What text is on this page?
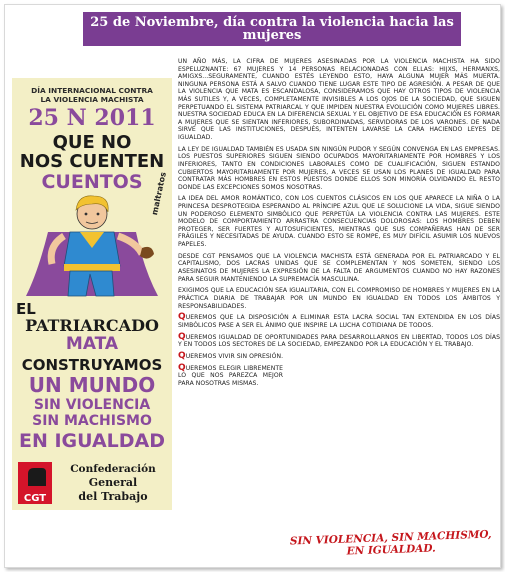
25 de Noviembre, día contra la violencia hacia las mujeres
DÍA INTERNACIONAL CONTRA
LA VIOLENCIA MACHISTA
25 N 2011
QUE NO
NOS CUENTEN
CUENTOS maltratos
EL
PATRIARCADO
MATA
CONSTRUYAMOS
UN MUNDO
SIN VIOLENCIA
SIN MACHISMO
EN IGUALDAD
CGT
Confederación
General
del Trabajo

UN AÑO MÁS, LA CIFRA DE MUJERES ASESINADAS POR LA VIOLENCIA MACHISTA HA SIDO ESPELUZNANTE: 67 MUJERES Y 14 PERSONAS RELACIONADAS CON ELLAS: HIJXS, HERMANXS, AMIGXS...SEGURAMENTE, CUANDO ESTÉS LEYENDO ESTO, HAYA ALGUNA MUJER MÁS MUERTA. NINGUNA PERSONA ESTÁ A SALVO CUANDO TIENE LUGAR ESTE TIPO DE AGRESIÓN. A PESAR DE QUE LA VIOLENCIA QUE MATA ES ESCANDALOSA, CONSIDERAMOS QUE HAY OTROS TIPOS DE VIOLENCIA MÁS SUTILES Y, A VECES, COMPLETAMENTE INVISIBLES A LOS OJOS DE LA SOCIEDAD, QUE SIGUEN PERPETUANDO EL SISTEMA PATRIARCAL Y QUE IMPIDEN NUESTRA EVOLUCIÓN COMO MUJERES LIBRES. NUESTRA SOCIEDAD EDUCA EN LA DIFERENCIA SEXUAL Y EL OBJETIVO DE ESA EDUCACIÓN ES FORMAR A MUJERES QUE SE SIENTAN INFERIORES, SUBORDINADAS, SERVIDORAS DE LOS VARONES. DE NADA SIRVE QUE LAS INSTITUCIONES, DESPUÉS, INTENTEN LAVARSE LA CARA HACIENDO LEYES DE IGUALDAD.

LA LEY DE IGUALDAD TAMBIÉN ES USADA SIN NINGÚN PUDOR Y SEGÚN CONVENGA EN LAS EMPRESAS. LOS PUESTOS SUPERIORES SIGUEN SIENDO OCUPADOS MAYORITARIAMENTE POR HOMBRES Y LOS INFERIORES, TANTO EN CONDICIONES LABORALES COMO DE CUALIFICACIÓN, SIGUEN ESTANDO CUBIERTOS MAYORITARIAMENTE POR MUJERES, A VECES SE USAN LOS PLANES DE IGUALDAD PARA CONTRATAR MÁS HOMBRES EN ESTOS PUESTOS DONDE ELLOS SON MINORÍA OLVIDANDO EL RESTO DONDE LAS EXCEPCIONES SOMOS NOSOTRAS.

LA IDEA DEL AMOR ROMÁNTICO, CON LOS CUENTOS CLÁSICOS EN LOS QUE APARECE LA NIÑA O LA PRINCESA DESPROTEGIDA ESPERANDO AL PRÍNCIPE AZUL QUE LE SOLUCIONE LA VIDA, SIGUE SIENDO UN PODEROSO ELEMENTO SIMBÓLICO QUE PERPETÚA LA VIOLENCIA CONTRA LAS MUJERES. ESTE MODELO DE COMPORTAMIENTO ARRASTRA CONSECUENCIAS DOLOROSAS: LOS HOMBRES DEBEN PROTEGER, SER FUERTES Y AUTOSUFICIENTES, MIENTRAS QUE SUS COMPAÑERAS HAN DE SER FRÁGILES Y NECESITADAS DE AYUDA. CUANDO ESTO SE ROMPE, ES MUY DIFÍCIL ASUMIR LOS NUEVOS PAPELES.

DESDE CGT PENSAMOS QUE LA VIOLENCIA MACHISTA ESTÁ GENERADA POR EL PATRIARCADO Y EL CAPITALISMO, DOS LACRAS UNIDAS QUE SE COMPLEMENTAN Y NOS SOMETEN, SIENDO LOS ASESINATOS DE MUJERES LA EXPRESIÓN DE LA FALTA DE ARGUMENTOS CUANDO NO HAY RAZONES PARA SEGUIR MANTENIENDO LA SUPREMACÍA MASCULINA.

EXIGIMOS QUE LA EDUCACIÓN SEA IGUALITARIA, CON EL COMPROMISO DE HOMBRES Y MUJERES EN LA PRÁCTICA DIARIA DE TRABAJAR POR UN MUNDO EN IGUALDAD EN TODOS LOS ÁMBITOS Y RESPONSABILIDADES.

QUEREMOS QUE LA DISPOSICIÓN A ELIMINAR ESTA LACRA SOCIAL TAN EXTENDIDA EN LOS DÍAS SIMBÓLICOS PASE A SER EL ÁNIMO QUE INSPIRE LA LUCHA COTIDIANA DE TODOS.

QUEREMOS IGUALDAD DE OPORTUNIDADES PARA DESARROLLARNOS EN LIBERTAD, TODOS LOS DÍAS Y EN TODOS LOS SECTORES DE LA SOCIEDAD, EMPEZANDO POR LA EDUCACIÓN Y EL TRABAJO.

QUEREMOS VIVIR SIN OPRESIÓN.

QUEREMOS ELEGIR LIBREMENTE LO QUE NOS PAREZCA MEJOR PARA NOSOTRAS MISMAS.

SIN VIOLENCIA, SIN MACHISMO, EN IGUALDAD.
